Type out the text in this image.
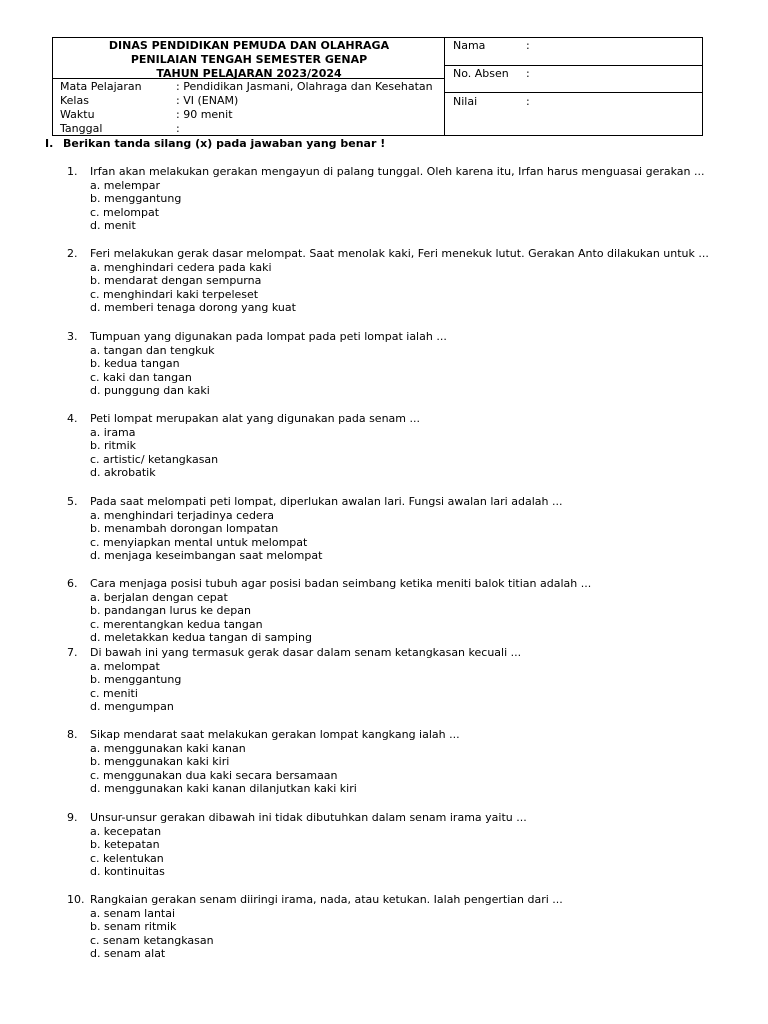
DINAS PENDIDIKAN PEMUDA DAN OLAHRAGA
PENILAIAN TENGAH SEMESTER GENAP
TAHUN PELAJARAN 2023/2024
Mata Pelajaran	: Pendidikan Jasmani, Olahraga dan Kesehatan
Kelas	: VI (ENAM)
Waktu	: 90 menit
Tanggal	:
Nama	:
No. Absen :
Nilai	:
I. Berikan tanda silang (x) pada jawaban yang benar !
1. Irfan akan melakukan gerakan mengayun di palang tunggal. Oleh karena itu, Irfan harus menguasai gerakan ...
a. melempar
b. menggantung
c. melompat
d. menit
2. Feri melakukan gerak dasar melompat. Saat menolak kaki, Feri menekuk lutut. Gerakan Anto dilakukan untuk ...
a. menghindari cedera pada kaki
b. mendarat dengan sempurna
c. menghindari kaki terpeleset
d. memberi tenaga dorong yang kuat
3. Tumpuan yang digunakan pada lompat pada peti lompat ialah ...
a. tangan dan tengkuk
b. kedua tangan
c. kaki dan tangan
d. punggung dan kaki
4. Peti lompat merupakan alat yang digunakan pada senam ...
a. irama
b. ritmik
c. artistic/ ketangkasan
d. akrobatik
5. Pada saat melompati peti lompat, diperlukan awalan lari. Fungsi awalan lari adalah ...
a. menghindari terjadinya cedera
b. menambah dorongan lompatan
c. menyiapkan mental untuk melompat
d. menjaga keseimbangan saat melompat
6. Cara menjaga posisi tubuh agar posisi badan seimbang ketika meniti balok titian adalah ...
a. berjalan dengan cepat
b. pandangan lurus ke depan
c. merentangkan kedua tangan
d. meletakkan kedua tangan di samping
7. Di bawah ini yang termasuk gerak dasar dalam senam ketangkasan kecuali ...
a. melompat
b. menggantung
c. meniti
d. mengumpan
8. Sikap mendarat saat melakukan gerakan lompat kangkang ialah ...
a. menggunakan kaki kanan
b. menggunakan kaki kiri
c. menggunakan dua kaki secara bersamaan
d. menggunakan kaki kanan dilanjutkan kaki kiri
9. Unsur-unsur gerakan dibawah ini tidak dibutuhkan dalam senam irama yaitu ...
a. kecepatan
b. ketepatan
c. kelentukan
d. kontinuitas
10. Rangkaian gerakan senam diiringi irama, nada, atau ketukan. Ialah pengertian dari ...
a. senam lantai
b. senam ritmik
c. senam ketangkasan
d. senam alat
